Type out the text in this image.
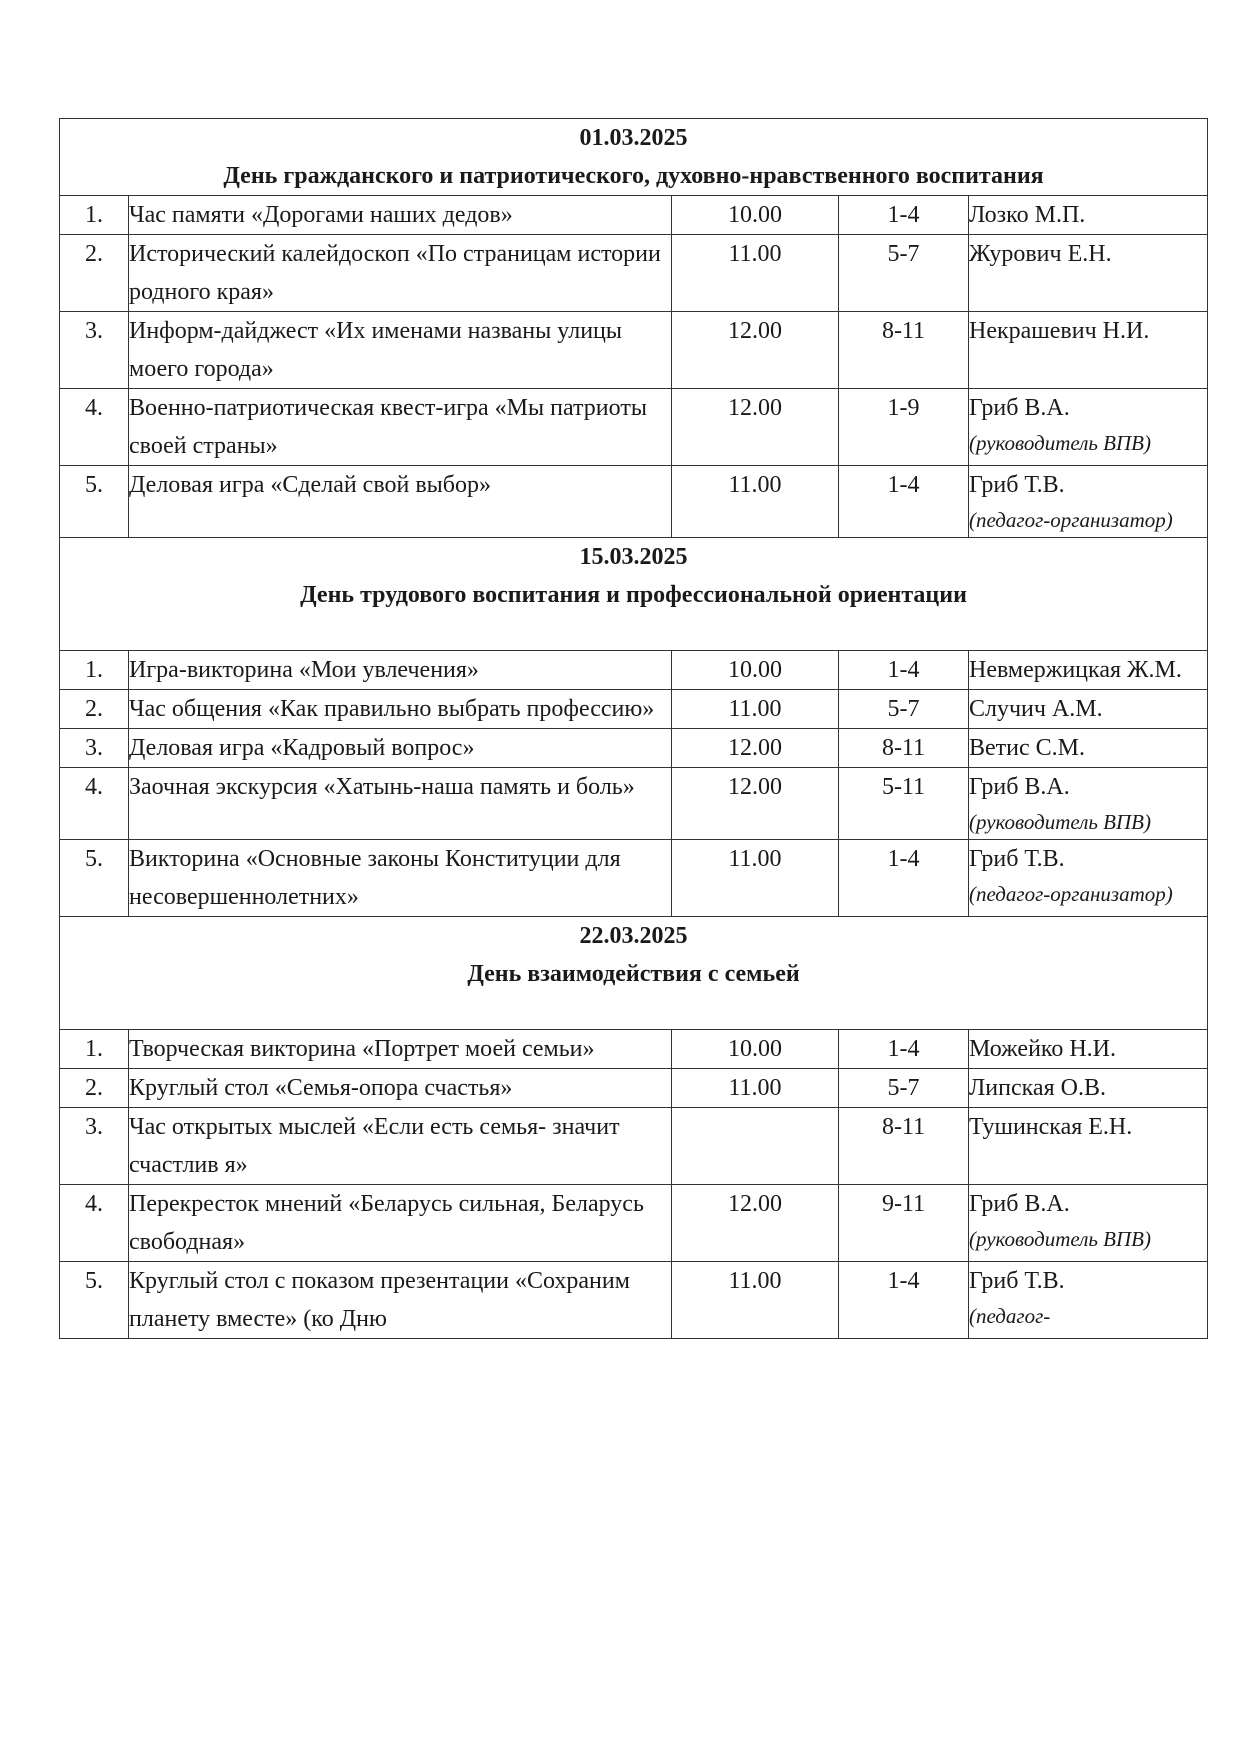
01.03.2025
День гражданского и патриотического, духовно-нравственного воспитания				

1.	Час памяти «Дорогами наших дедов»	10.00	1-4	Лозко М.П.

2.	Исторический калейдоскоп «По страницам истории родного края»	11.00	5-7	Журович Е.Н.

3.	Информ-дайджест «Их именами названы улицы моего города»	12.00	8-11	Некрашевич Н.И.

4.	Военно-патриотическая квест-игра «Мы патриоты своей страны»	12.00	1-9	Гриб В.А.
(руководитель ВПВ)

5.	Деловая игра «Сделай свой выбор»	11.00	1-4	Гриб Т.В.
(педагог-организатор)

15.03.2025
День трудового воспитания и профессиональной ориентации				

1.	Игра-викторина «Мои увлечения»	10.00	1-4	Невмержицкая Ж.М.

2.	Час общения «Как правильно выбрать профессию»	11.00	5-7	Случич А.М.

3.	Деловая игра «Кадровый вопрос»	12.00	8-11	Ветис С.М.

4.	Заочная экскурсия «Хатынь-наша память и боль»	12.00	5-11	Гриб В.А.
(руководитель ВПВ)

5.	Викторина «Основные законы Конституции для несовершеннолетних»	11.00	1-4	Гриб Т.В.
(педагог-организатор)

22.03.2025
День взаимодействия с семьей				

1.	Творческая викторина «Портрет моей семьи»	10.00	1-4	Можейко Н.И.

2.	Круглый стол «Семья-опора счастья»	11.00	5-7	Липская О.В.

3.	Час открытых мыслей «Если есть семья- значит счастлив я»		8-11	Тушинская Е.Н.

4.	Перекресток мнений «Беларусь сильная, Беларусь свободная»	12.00	9-11	Гриб В.А.
(руководитель ВПВ)

5.	Круглый стол с показом презентации «Сохраним планету вместе» (ко Дню	11.00	1-4	Гриб Т.В.
(педагог-
